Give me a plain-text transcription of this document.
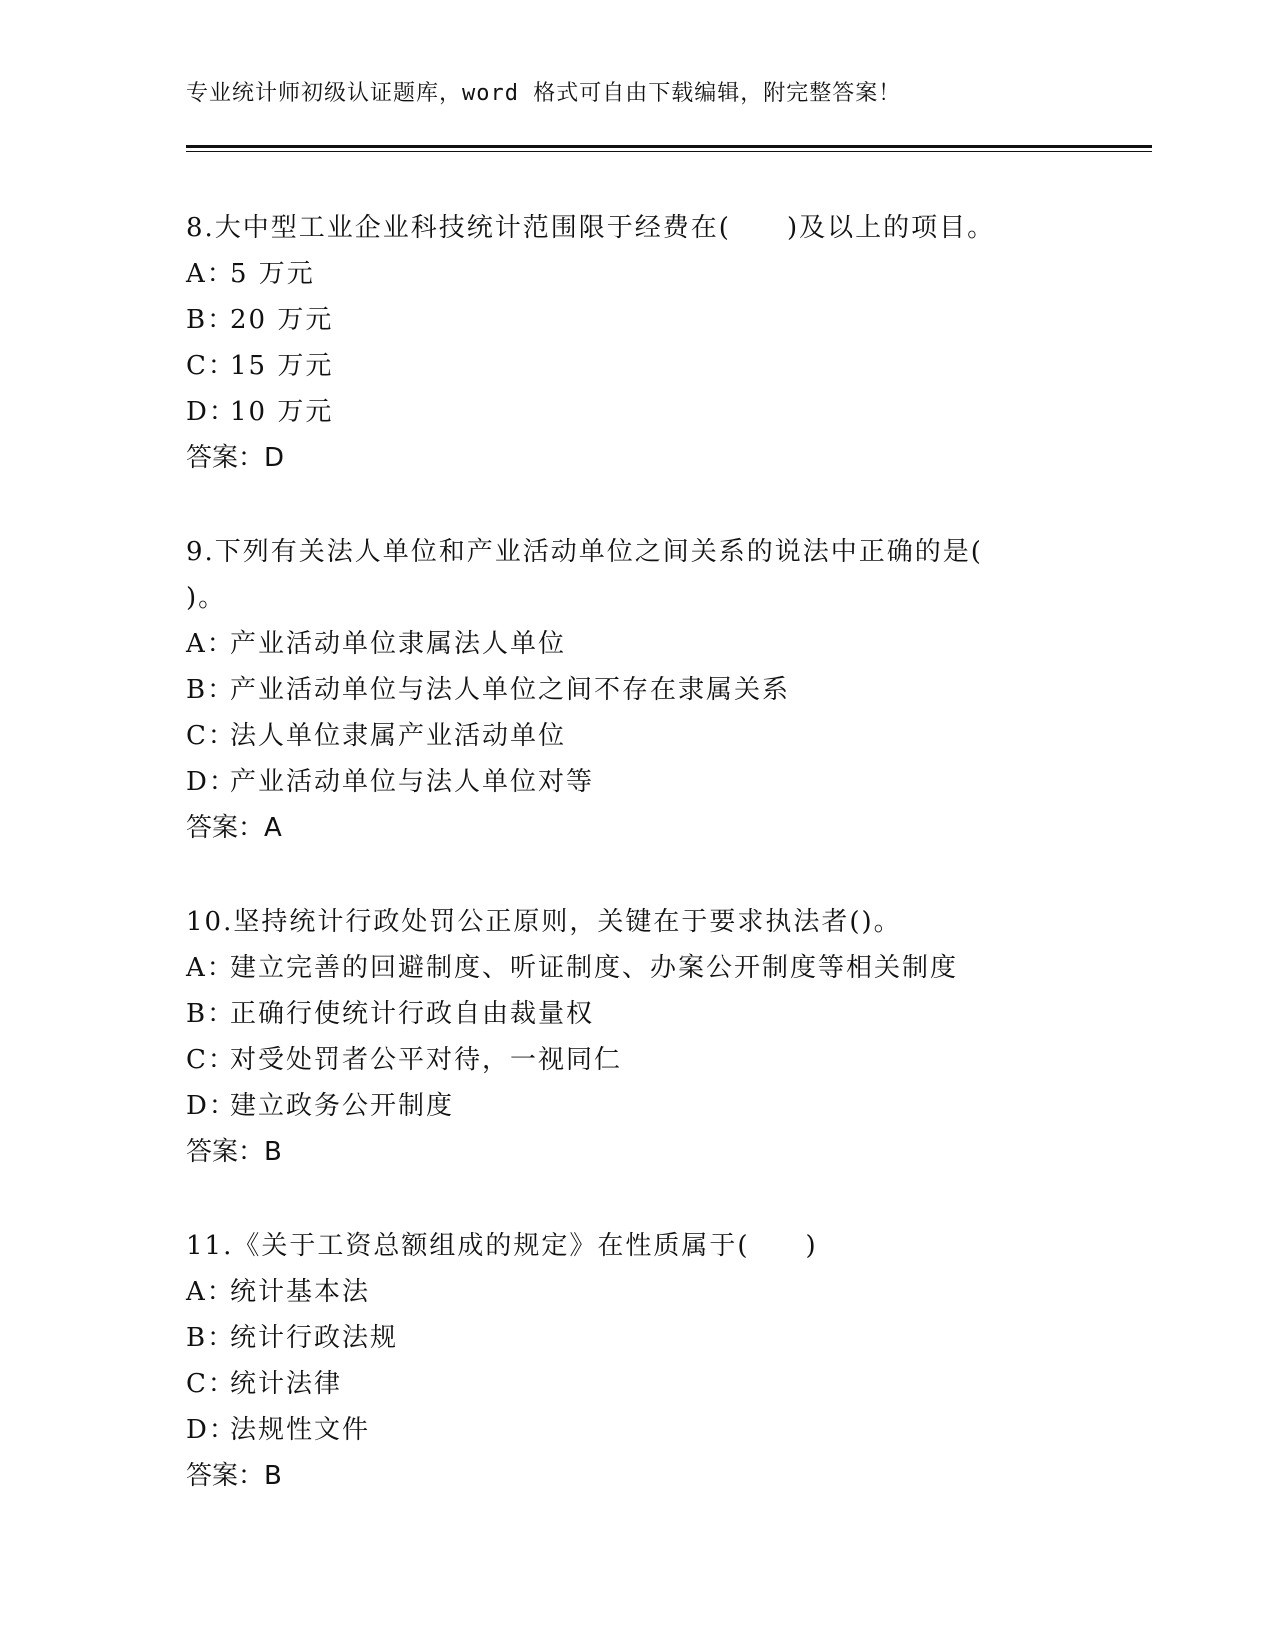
专业统计师初级认证题库，word 格式可自由下载编辑，附完整答案！
8.大中型工业企业科技统计范围限于经费在(　　)及以上的项目。
A：5 万元
B：20 万元
C：15 万元
D：10 万元
答案：D
9.下列有关法人单位和产业活动单位之间关系的说法中正确的是(　　)。
A：产业活动单位隶属法人单位
B：产业活动单位与法人单位之间不存在隶属关系
C：法人单位隶属产业活动单位
D：产业活动单位与法人单位对等
答案：A
10.坚持统计行政处罚公正原则，关键在于要求执法者()。
A：建立完善的回避制度、听证制度、办案公开制度等相关制度
B：正确行使统计行政自由裁量权
C：对受处罚者公平对待，一视同仁
D：建立政务公开制度
答案：B
11.《关于工资总额组成的规定》在性质属于(　　)
A：统计基本法
B：统计行政法规
C：统计法律
D：法规性文件
答案：B
